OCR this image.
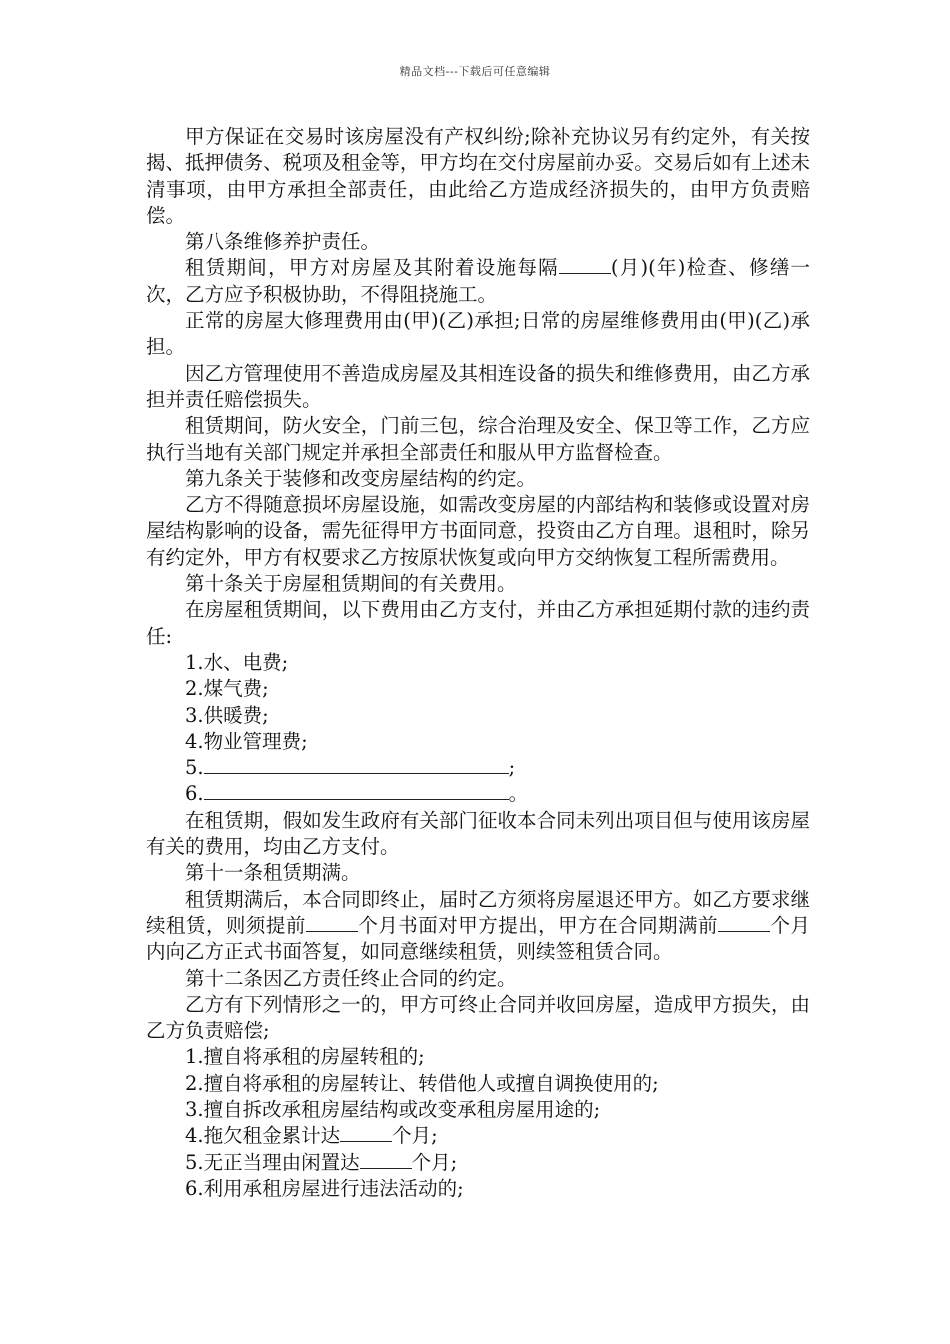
精品文档---下载后可任意编辑

甲方保证在交易时该房屋没有产权纠纷;除补充协议另有约定外，有关按揭、抵押债务、税项及租金等，甲方均在交付房屋前办妥。交易后如有上述未清事项，由甲方承担全部责任，由此给乙方造成经济损失的，由甲方负责赔偿。

第八条维修养护责任。

租赁期间，甲方对房屋及其附着设施每隔	(月)(年)检查、修缮一次，乙方应予积极协助，不得阻挠施工。

正常的房屋大修理费用由(甲)(乙)承担;日常的房屋维修费用由(甲)(乙)承担。

因乙方管理使用不善造成房屋及其相连设备的损失和维修费用，由乙方承担并责任赔偿损失。

租赁期间，防火安全，门前三包，综合治理及安全、保卫等工作，乙方应执行当地有关部门规定并承担全部责任和服从甲方监督检查。

第九条关于装修和改变房屋结构的约定。

乙方不得随意损坏房屋设施，如需改变房屋的内部结构和装修或设置对房屋结构影响的设备，需先征得甲方书面同意，投资由乙方自理。退租时，除另有约定外，甲方有权要求乙方按原状恢复或向甲方交纳恢复工程所需费用。

第十条关于房屋租赁期间的有关费用。

在房屋租赁期间，以下费用由乙方支付，并由乙方承担延期付款的违约责任:

1.水、电费;

2.煤气费;

3.供暖费;

4.物业管理费;

5.	;

6.	。

在租赁期，假如发生政府有关部门征收本合同未列出项目但与使用该房屋有关的费用，均由乙方支付。

第十一条租赁期满。

租赁期满后，本合同即终止，届时乙方须将房屋退还甲方。如乙方要求继续租赁，则须提前	个月书面对甲方提出，甲方在合同期满前	个月内向乙方正式书面答复，如同意继续租赁，则续签租赁合同。

第十二条因乙方责任终止合同的约定。

乙方有下列情形之一的，甲方可终止合同并收回房屋，造成甲方损失，由乙方负责赔偿;

1.擅自将承租的房屋转租的;

2.擅自将承租的房屋转让、转借他人或擅自调换使用的;

3.擅自拆改承租房屋结构或改变承租房屋用途的;

4.拖欠租金累计达	个月;

5.无正当理由闲置达	个月;

6.利用承租房屋进行违法活动的;
